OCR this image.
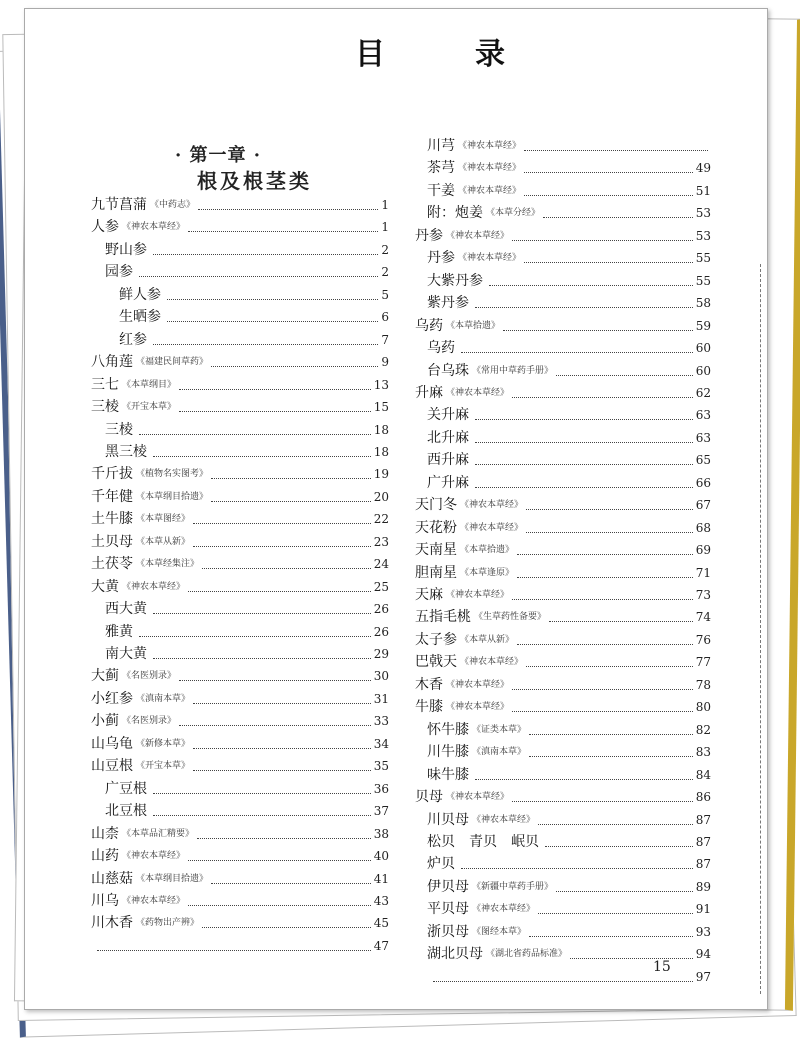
目　录
· 第一章 ·
根及根茎类
九节菖蒲 《中药志》	1
人参 《神农本草经》	1
野山参	2
园参	2
鲜人参	5
生晒参	6
红参	7
八角莲 《福建民间草药》	9
三七 《本草纲目》	13
三棱 《开宝本草》	15
三棱	18
黑三棱	18
千斤拔 《植物名实图考》	19
千年健 《本草纲目拾遗》	20
土牛膝 《本草图经》	22
土贝母 《本草从新》	23
土茯苓 《本草经集注》	24
大黄 《神农本草经》	25
西大黄	26
雅黄	26
南大黄	29
大蓟 《名医别录》	30
小红参 《滇南本草》	31
小蓟 《名医别录》	33
山乌龟 《新修本草》	34
山豆根 《开宝本草》	35
广豆根	36
北豆根	37
山柰 《本草品汇精要》	38
山药 《神农本草经》	40
山慈菇 《本草纲目拾遗》	41
川乌 《神农本草经》	43
川木香 《药物出产辨》	45
47
川芎 《神农本草经》
茶芎 《神农本草经》	49
干姜 《神农本草经》	51
附：炮姜 《本草分经》	53
丹参 《神农本草经》	53
丹参 《神农本草经》	55
大紫丹参	55
紫丹参	58
乌药 《本草拾遗》	59
乌药	60
台乌珠 《常用中草药手册》	60
升麻 《神农本草经》	62
关升麻	63
北升麻	63
西升麻	65
广升麻	66
天门冬 《神农本草经》	67
天花粉 《神农本草经》	68
天南星 《本草拾遗》	69
胆南星 《本草逢原》	71
天麻 《神农本草经》	73
五指毛桃 《生草药性备要》	74
太子参 《本草从新》	76
巴戟天 《神农本草经》	77
木香 《神农本草经》	78
牛膝 《神农本草经》	80
怀牛膝 《证类本草》	82
川牛膝 《滇南本草》	83
味牛膝	84
贝母 《神农本草经》	86
川贝母 《神农本草经》	87
松贝　青贝　岷贝	87
炉贝	87
伊贝母 《新疆中草药手册》	89
平贝母 《神农本草经》	91
浙贝母 《图经本草》	93
湖北贝母 《湖北省药品标准》	94
97
15
